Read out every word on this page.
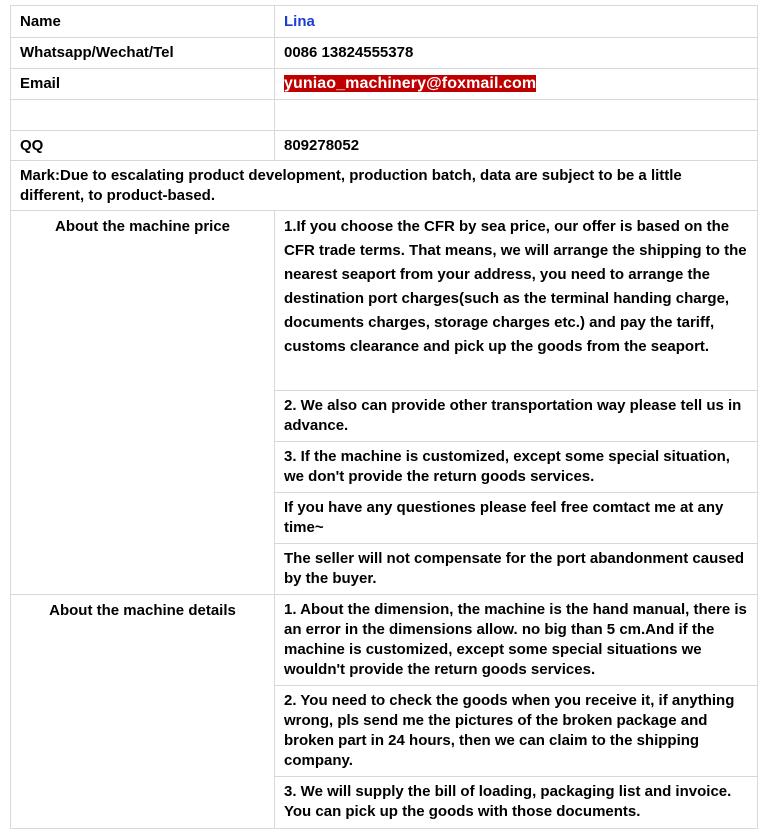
Name	Lina
Whatsapp/Wechat/Tel	0086 13824555378
Email	yuniao_machinery@foxmail.com

QQ	809278052
Mark:Due to escalating product development, production batch, data are subject to be a little different, to product-based.	
About the machine price	1.If you choose the CFR by sea price, our offer is based on the CFR trade terms. That means, we will arrange the shipping to the nearest seaport from your address, you need to arrange the destination port charges(such as the terminal handing charge, documents charges, storage charges etc.) and pay the tariff, customs clearance and pick up the goods from the seaport.
	2. We also can provide other transportation way please tell us in advance.
	3. If the machine is customized, except some special situation, we don't provide the return goods services.
	If you have any questiones please feel free comtact me at any time~
	The seller will not compensate for the port abandonment caused by the buyer.
About the machine details	1. About the dimension, the machine is the hand manual, there is an error in the dimensions allow. no big than 5 cm.And if the machine is customized, except some special situations we wouldn't provide the return goods services.
	2. You need to check the goods when you receive it, if anything wrong, pls send me the pictures of the broken package and broken part in 24 hours, then we can claim to the shipping company.
	3. We will supply the bill of loading, packaging list and invoice. You can pick up the goods with those documents.
